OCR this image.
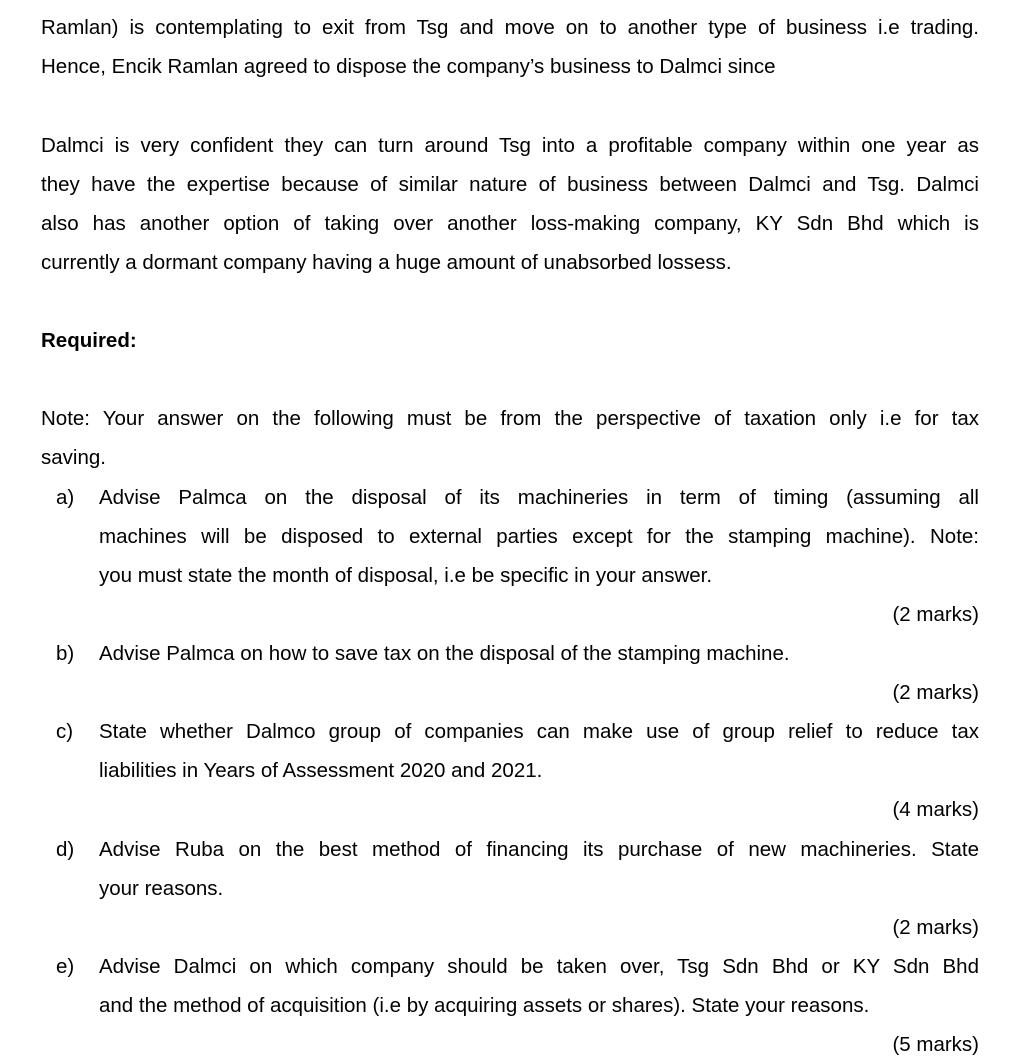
Ramlan) is contemplating to exit from Tsg and move on to another type of business i.e trading.
Hence, Encik Ramlan agreed to dispose the company’s business to Dalmci since
Dalmci is very confident they can turn around Tsg into a profitable company within one year as
they have the expertise because of similar nature of business between Dalmci and Tsg. Dalmci
also has another option of taking over another loss-making company, KY Sdn Bhd which is
currently a dormant company having a huge amount of unabsorbed lossess.
Required:
Note: Your answer on the following must be from the perspective of taxation only i.e for tax
saving.
a) Advise Palmca on the disposal of its machineries in term of timing (assuming all
machines will be disposed to external parties except for the stamping machine). Note:
you must state the month of disposal, i.e be specific in your answer.
(2 marks)
b) Advise Palmca on how to save tax on the disposal of the stamping machine.
(2 marks)
c) State whether Dalmco group of companies can make use of group relief to reduce tax
liabilities in Years of Assessment 2020 and 2021.
(4 marks)
d) Advise Ruba on the best method of financing its purchase of new machineries. State
your reasons.
(2 marks)
e) Advise Dalmci on which company should be taken over, Tsg Sdn Bhd or KY Sdn Bhd
and the method of acquisition (i.e by acquiring assets or shares). State your reasons.
(5 marks)
